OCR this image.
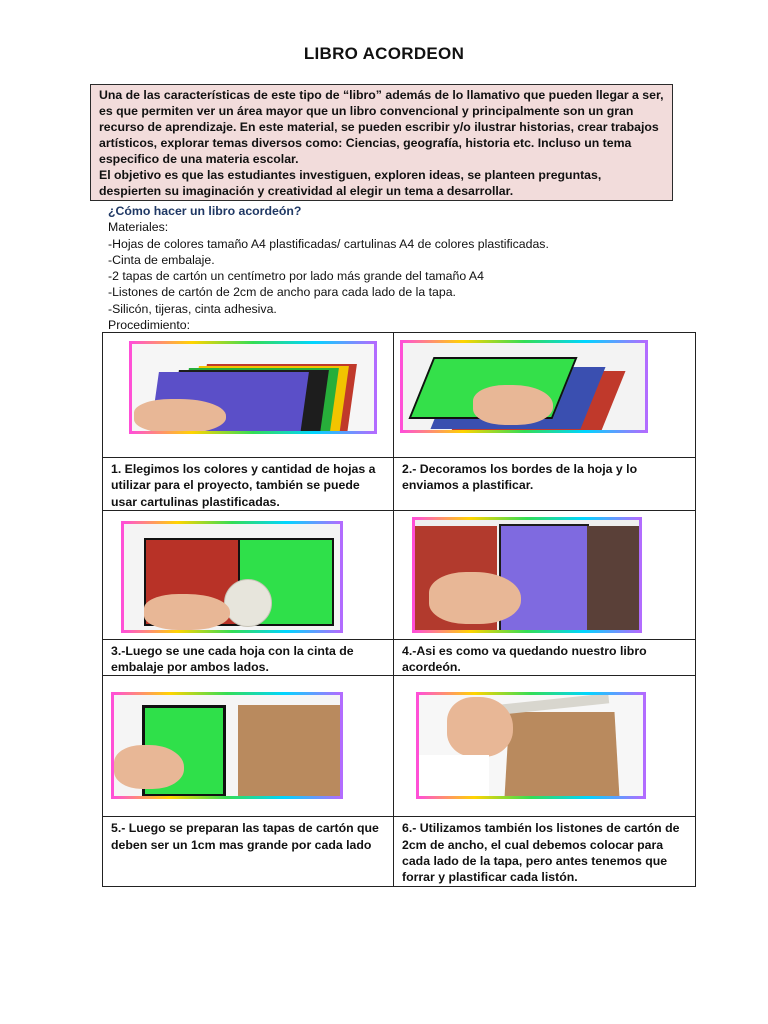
LIBRO ACORDEON

Una de las características de este tipo de “libro” además de lo llamativo que pueden llegar a ser, es que permiten ver un área mayor que un libro convencional y principalmente son un gran recurso de aprendizaje. En este material, se pueden escribir y/o ilustrar historias, crear trabajos artísticos, explorar temas diversos como: Ciencias, geografía, historia etc. Incluso un tema especifico de una materia escolar.

El objetivo es que las estudiantes investiguen, exploren ideas, se planteen preguntas, despierten su imaginación y creatividad al elegir un tema a desarrollar.

¿Cómo hacer un libro acordeón?
Materiales:
-Hojas de colores tamaño A4 plastificadas/ cartulinas A4 de colores plastificadas.
-Cinta de embalaje.
-2 tapas de cartón un centímetro por lado más grande del tamaño A4
-Listones de cartón de 2cm de ancho para cada lado de la tapa.
-Silicón, tijeras, cinta adhesiva.
Procedimiento:

1. Elegimos los colores y cantidad de hojas a utilizar para el proyecto, también se puede usar cartulinas plastificadas.	2.- Decoramos los bordes de la hoja y lo enviamos a plastificar.

3.-Luego se une cada hoja con la cinta de embalaje por ambos lados.	4.-Asi es como va quedando nuestro libro acordeón.

5.- Luego se preparan las tapas de cartón que deben ser un 1cm mas grande por cada lado	6.- Utilizamos también los listones de cartón de 2cm de ancho, el cual debemos colocar para cada lado de la tapa, pero antes tenemos que forrar y plastificar cada listón.
